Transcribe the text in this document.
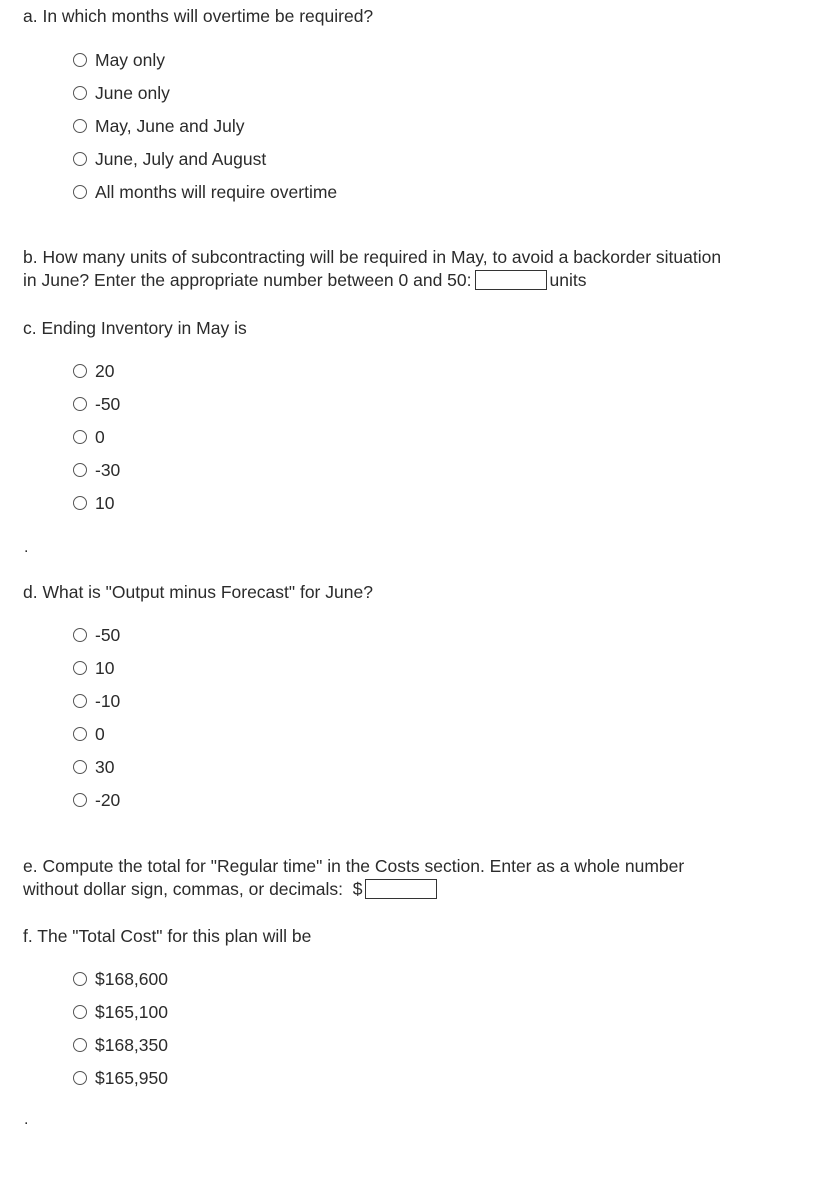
a. In which months will overtime be required?
May only
June only
May, June and July
June, July and August
All months will require overtime
b. How many units of subcontracting will be required in May, to avoid a backorder situation
in June? Enter the appropriate number between 0 and 50:	units
c. Ending Inventory in May is
20
-50
0
-30
10
.
d. What is "Output minus Forecast" for June?
-50
10
-10
0
30
-20
e. Compute the total for "Regular time" in the Costs section. Enter as a whole number
without dollar sign, commas, or decimals: $
f. The "Total Cost" for this plan will be
$168,600
$165,100
$168,350
$165,950
.
